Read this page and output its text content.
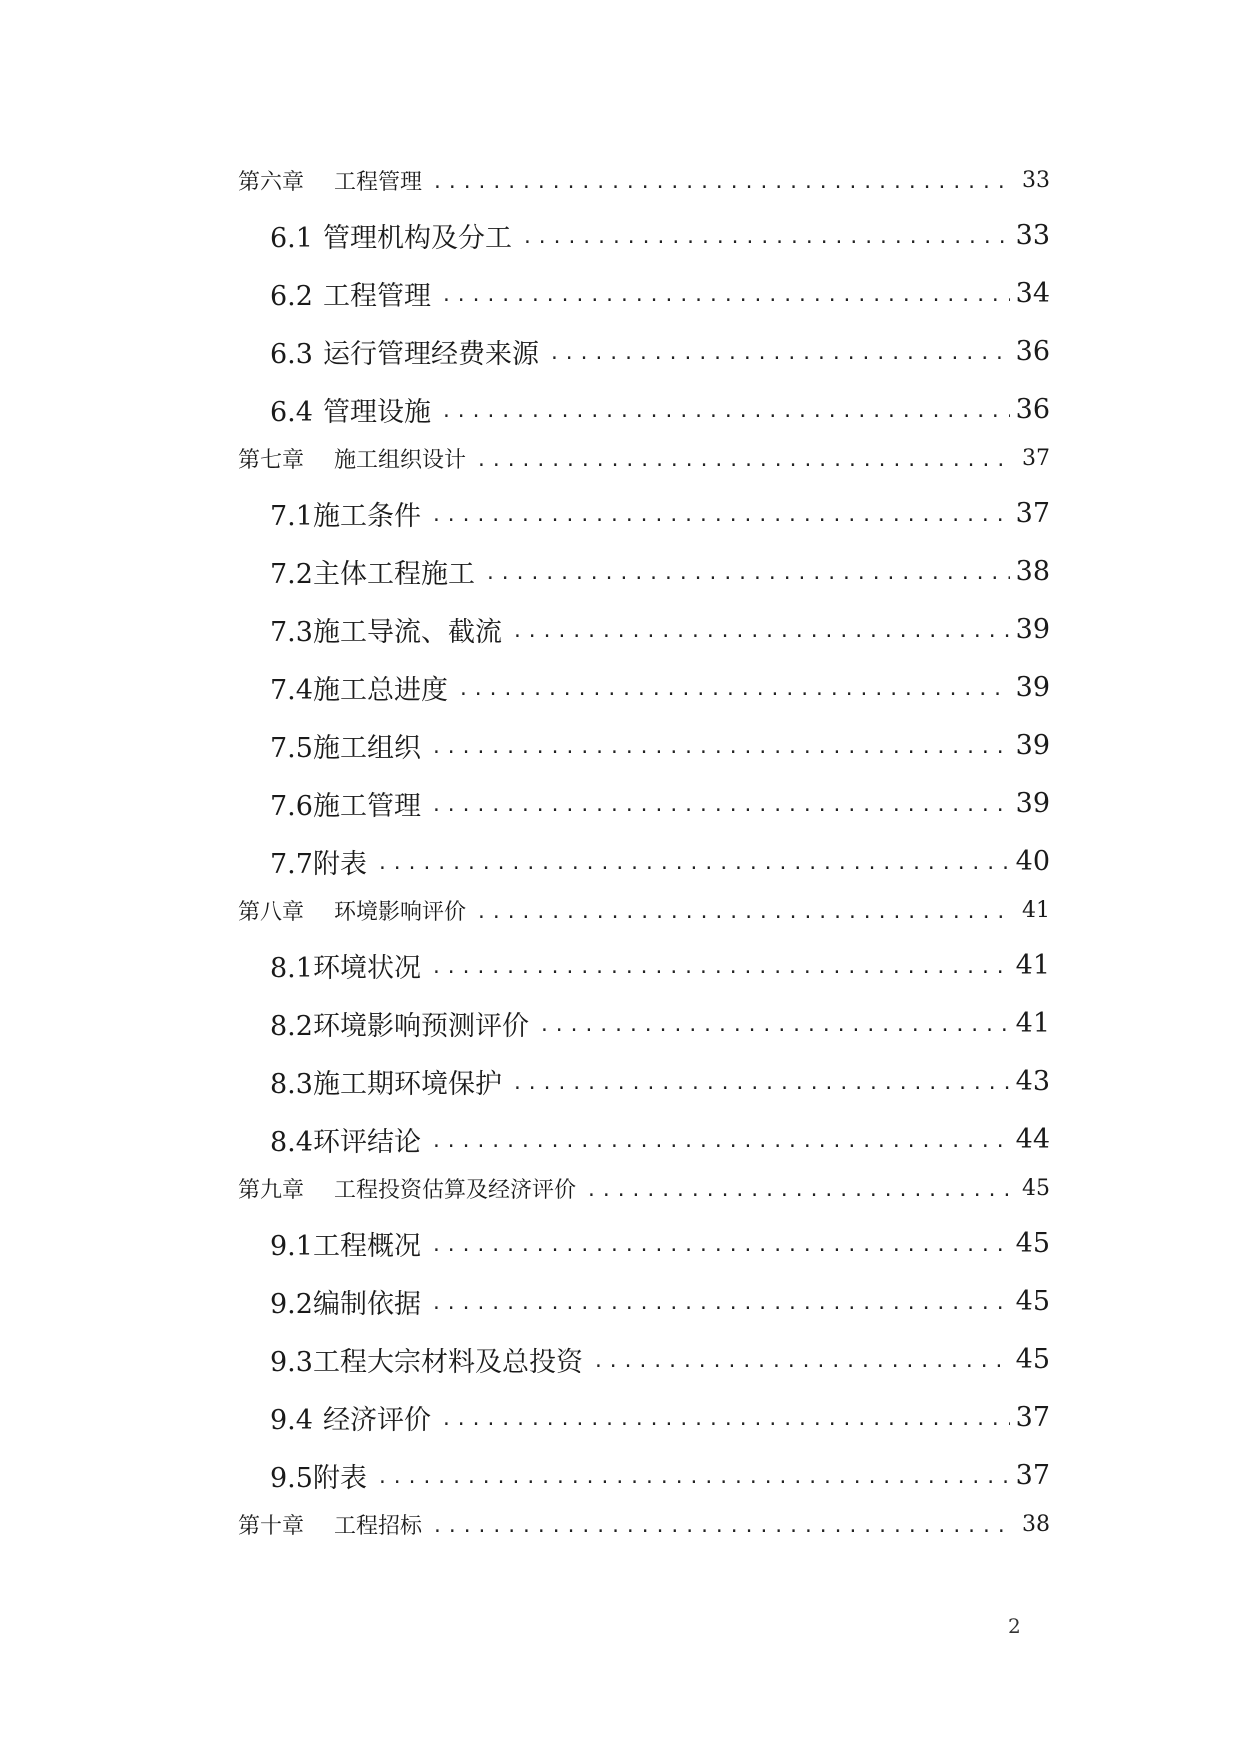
第六章 工程管理 .....	33
6.1 管理机构及分工 .....	33
6.2 工程管理 .....	34
6.3 运行管理经费来源 .....	36
6.4 管理设施 .....	36
第七章 施工组织设计 .....	37
7.1施工条件 .....	37
7.2主体工程施工 .....	38
7.3施工导流、截流 .....	39
7.4施工总进度 .....	39
7.5施工组织 .....	39
7.6施工管理 .....	39
7.7附表 .....	40
第八章 环境影响评价 .....	41
8.1环境状况 .....	41
8.2环境影响预测评价 .....	41
8.3施工期环境保护 .....	43
8.4环评结论 .....	44
第九章 工程投资估算及经济评价 .....	45
9.1工程概况 .....	45
9.2编制依据 .....	45
9.3工程大宗材料及总投资 .....	45
9.4 经济评价 .....	37
9.5附表 .....	37
第十章 工程招标 .....	38
2
